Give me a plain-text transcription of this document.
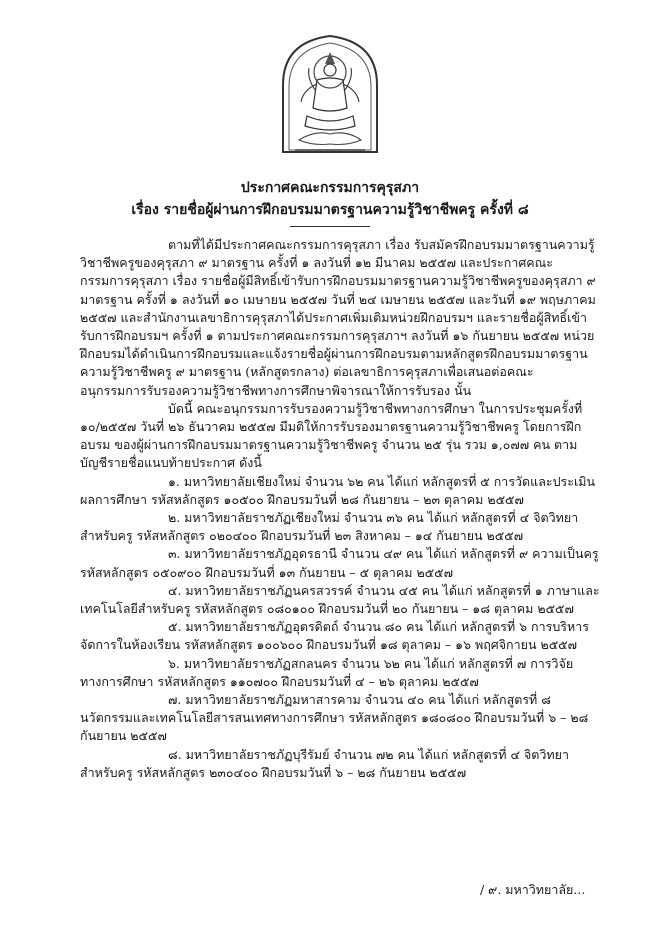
ประกาศคณะกรรมการคุรุสภา
เรื่อง รายชื่อผู้ผ่านการฝึกอบรมมาตรฐานความรู้วิชาชีพครู ครั้งที่ ๘

ตามที่ได้มีประกาศคณะกรรมการคุรุสภา เรื่อง รับสมัครฝึกอบรมมาตรฐานความรู้วิชาชีพครูของคุรุสภา ๙ มาตรฐาน ครั้งที่ ๑ ลงวันที่ ๑๒ มีนาคม ๒๕๕๗ และประกาศคณะกรรมการคุรุสภา เรื่อง รายชื่อผู้มีสิทธิ์เข้ารับการฝึกอบรมมาตรฐานความรู้วิชาชีพครูของคุรุสภา ๙ มาตรฐาน ครั้งที่ ๑ ลงวันที่ ๑๐ เมษายน ๒๕๕๗ วันที่ ๒๔ เมษายน ๒๕๕๗ และวันที่ ๑๙ พฤษภาคม ๒๕๕๗ และสำนักงานเลขาธิการคุรุสภาได้ประกาศเพิ่มเติมหน่วยฝึกอบรมฯ และรายชื่อผู้สิทธิ์เข้ารับการฝึกอบรมฯ ครั้งที่ ๑ ตามประกาศคณะกรรมการคุรุสภาฯ ลงวันที่ ๑๖ กันยายน ๒๕๕๗ หน่วยฝึกอบรมได้ดำเนินการฝึกอบรมและแจ้งรายชื่อผู้ผ่านการฝึกอบรมตามหลักสูตรฝึกอบรมมาตรฐานความรู้วิชาชีพครู ๙ มาตรฐาน (หลักสูตรกลาง) ต่อเลขาธิการคุรุสภาเพื่อเสนอต่อคณะอนุกรรมการรับรองความรู้วิชาชีพทางการศึกษาพิจารณาให้การรับรอง นั้น

บัดนี้ คณะอนุกรรมการรับรองความรู้วิชาชีพทางการศึกษา ในการประชุมครั้งที่ ๑๐/๒๕๕๗ วันที่ ๒๖ ธันวาคม ๒๕๕๗ มีมติให้การรับรองมาตรฐานความรู้วิชาชีพครู โดยการฝึกอบรม ของผู้ผ่านการฝึกอบรมมาตรฐานความรู้วิชาชีพครู จำนวน ๒๕ รุ่น รวม ๑,๐๗๗ คน ตามบัญชีรายชื่อแนบท้ายประกาศ ดังนี้

๑. มหาวิทยาลัยเชียงใหม่ จำนวน ๖๒ คน ได้แก่ หลักสูตรที่ ๕ การวัดและประเมินผลการศึกษา รหัสหลักสูตร ๑๐๕๐๐ ฝึกอบรมวันที่ ๒๘ กันยายน – ๒๓ ตุลาคม ๒๕๕๗

๒. มหาวิทยาลัยราชภัฏเชียงใหม่ จำนวน ๓๖ คน ได้แก่ หลักสูตรที่ ๔ จิตวิทยาสำหรับครู รหัสหลักสูตร ๐๒๐๔๐๐ ฝึกอบรมวันที่ ๒๓ สิงหาคม – ๑๔ กันยายน ๒๕๕๗

๓. มหาวิทยาลัยราชภัฏอุดรธานี จำนวน ๔๙ คน ได้แก่ หลักสูตรที่ ๙ ความเป็นครู รหัสหลักสูตร ๐๕๐๙๐๐ ฝึกอบรมวันที่ ๑๓ กันยายน – ๕ ตุลาคม ๒๕๕๗

๔. มหาวิทยาลัยราชภัฏนครสวรรค์ จำนวน ๔๕ คน ได้แก่ หลักสูตรที่ ๑ ภาษาและเทคโนโลยีสำหรับครู รหัสหลักสูตร ๐๘๐๑๐๐ ฝึกอบรมวันที่ ๒๐ กันยายน – ๑๘ ตุลาคม ๒๕๕๗

๕. มหาวิทยาลัยราชภัฏอุตรดิตถ์ จำนวน ๘๐ คน ได้แก่ หลักสูตรที่ ๖ การบริหารจัดการในห้องเรียน รหัสหลักสูตร ๑๐๐๖๐๐ ฝึกอบรมวันที่ ๑๘ ตุลาคม – ๑๖ พฤศจิกายน ๒๕๕๗

๖. มหาวิทยาลัยราชภัฏสกลนคร จำนวน ๖๒ คน ได้แก่ หลักสูตรที่ ๗ การวิจัยทางการศึกษา รหัสหลักสูตร ๑๑๐๗๐๐ ฝึกอบรมวันที่ ๔ – ๒๖ ตุลาคม ๒๕๕๗

๗. มหาวิทยาลัยราชภัฏมหาสารคาม จำนวน ๔๐ คน ได้แก่ หลักสูตรที่ ๘ นวัตกรรมและเทคโนโลยีสารสนเทศทางการศึกษา รหัสหลักสูตร ๑๘๐๘๐๐ ฝึกอบรมวันที่ ๖ – ๒๘ กันยายน ๒๕๕๗

๘. มหาวิทยาลัยราชภัฏบุรีรัมย์ จำนวน ๗๒ คน ได้แก่ หลักสูตรที่ ๔ จิตวิทยาสำหรับครู รหัสหลักสูตร ๒๓๐๔๐๐ ฝึกอบรมวันที่ ๖ – ๒๘ กันยายน ๒๕๕๗

/ ๙. มหาวิทยาลัย...
